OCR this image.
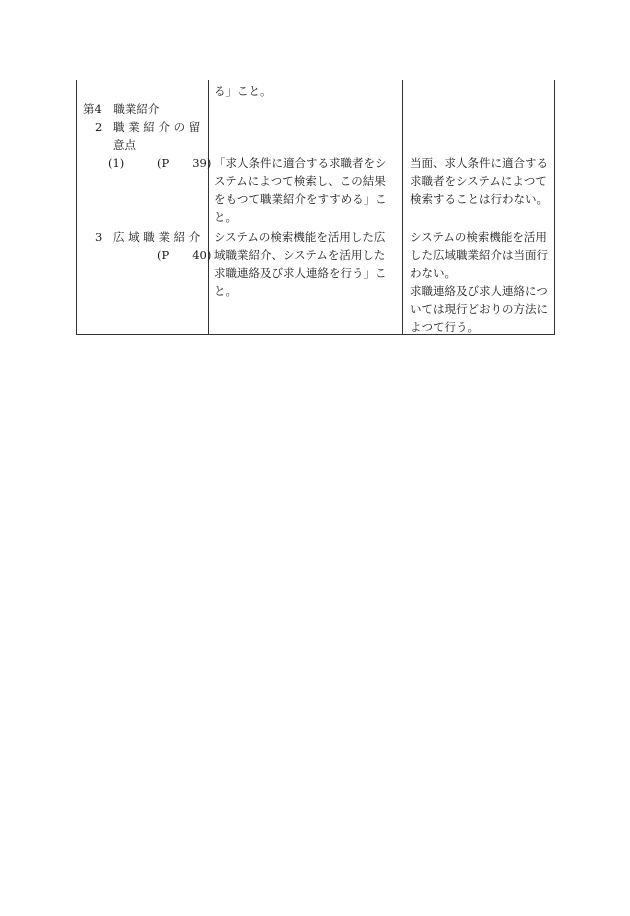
第4　職業紹介
2 職 業 紹 介 の 留
意点
(1)	(P　　39)
3 広 域 職 業 紹 介
(P　　40)
る」こと。
「求人条件に適合する求職者をシ
ステムによつて検索し、この結果
をもつて職業紹介をすすめる」こ
と。
システムの検索機能を活用した広
域職業紹介、システムを活用した
求職連絡及び求人連絡を行う」こ
と。
当面、求人条件に適合する
求職者をシステムによつて
検索することは行わない。
システムの検索機能を活用
した広域職業紹介は当面行
わない。
求職連絡及び求人連絡につ
いては現行どおりの方法に
よつて行う。
